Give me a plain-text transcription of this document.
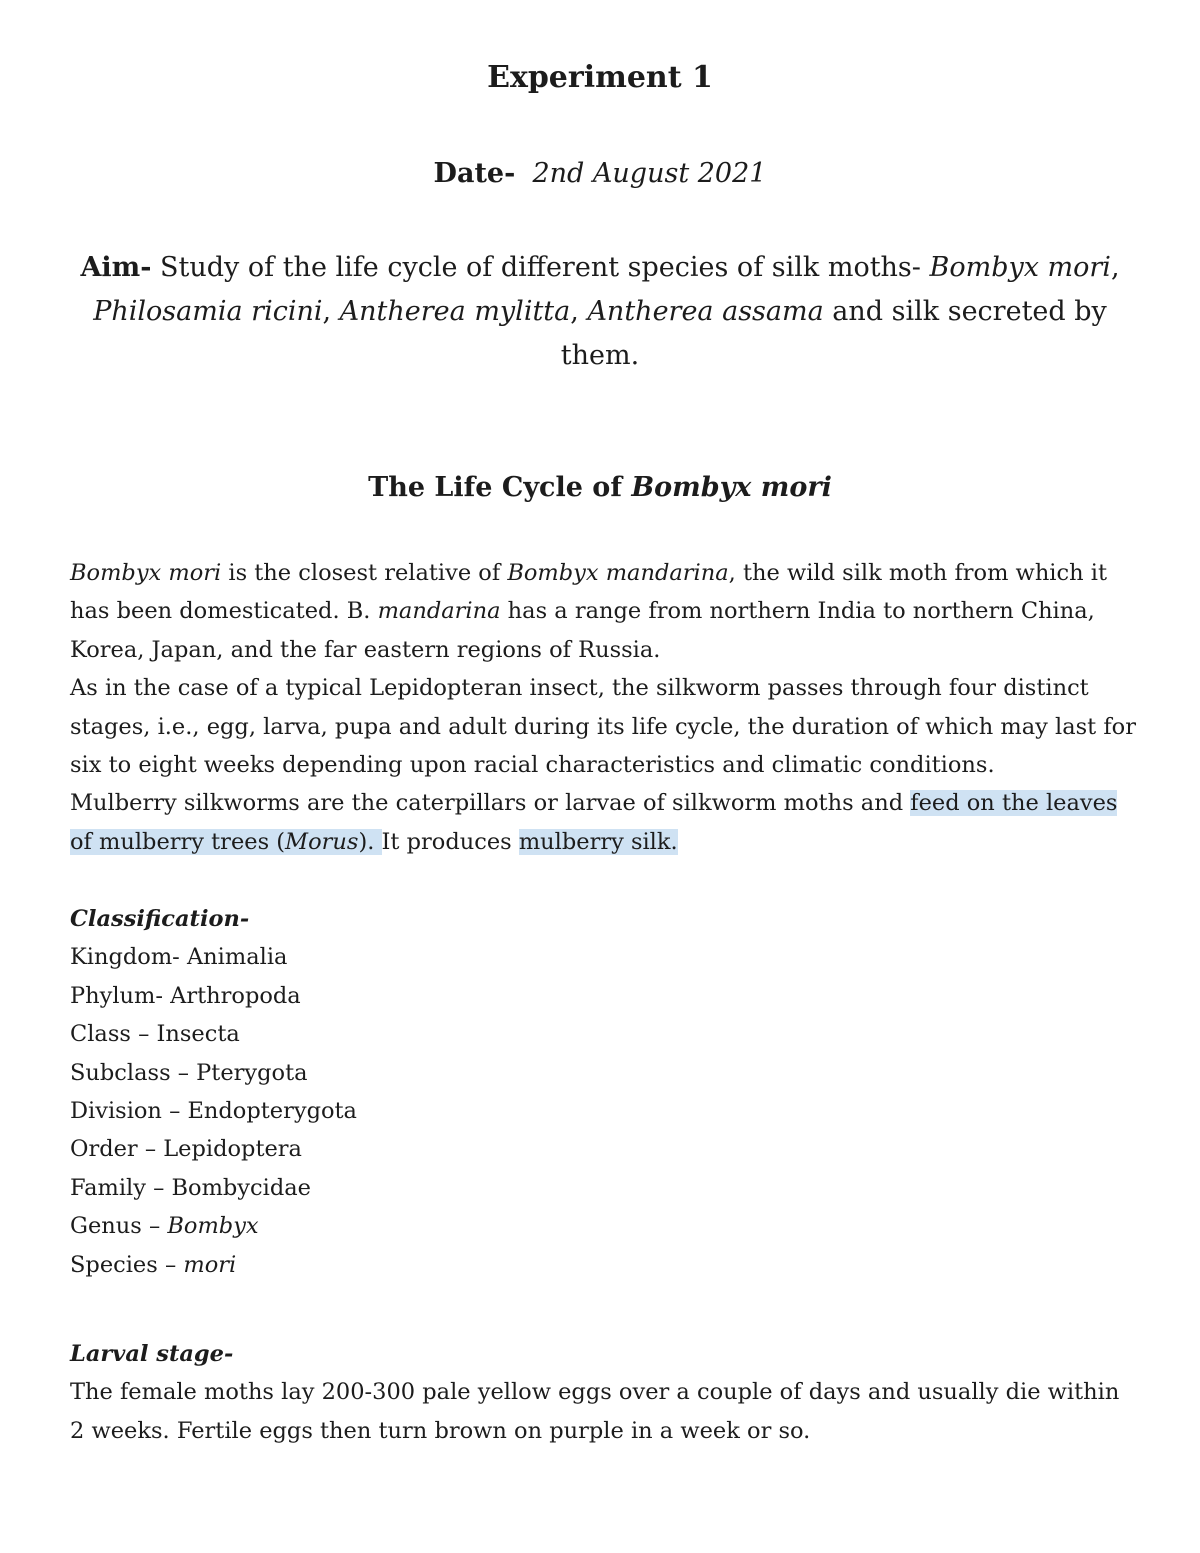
Experiment 1
Date- 2nd August 2021
Aim- Study of the life cycle of different species of silk moths- Bombyx mori, Philosamia ricini, Antherea mylitta, Antherea assama and silk secreted by them.
The Life Cycle of Bombyx mori

Bombyx mori is the closest relative of Bombyx mandarina, the wild silk moth from which it has been domesticated. B. mandarina has a range from northern India to northern China, Korea, Japan, and the far eastern regions of Russia.

As in the case of a typical Lepidopteran insect, the silkworm passes through four distinct stages, i.e., egg, larva, pupa and adult during its life cycle, the duration of which may last for six to eight weeks depending upon racial characteristics and climatic conditions.

Mulberry silkworms are the caterpillars or larvae of silkworm moths and feed on the leaves of mulberry trees (Morus). It produces mulberry silk.

Classification-
Kingdom- Animalia
Phylum- Arthropoda
Class – Insecta
Subclass – Pterygota
Division – Endopterygota
Order – Lepidoptera
Family – Bombycidae
Genus – Bombyx
Species – mori
Larval stage-

The female moths lay 200-300 pale yellow eggs over a couple of days and usually die within 2 weeks. Fertile eggs then turn brown on purple in a week or so.
